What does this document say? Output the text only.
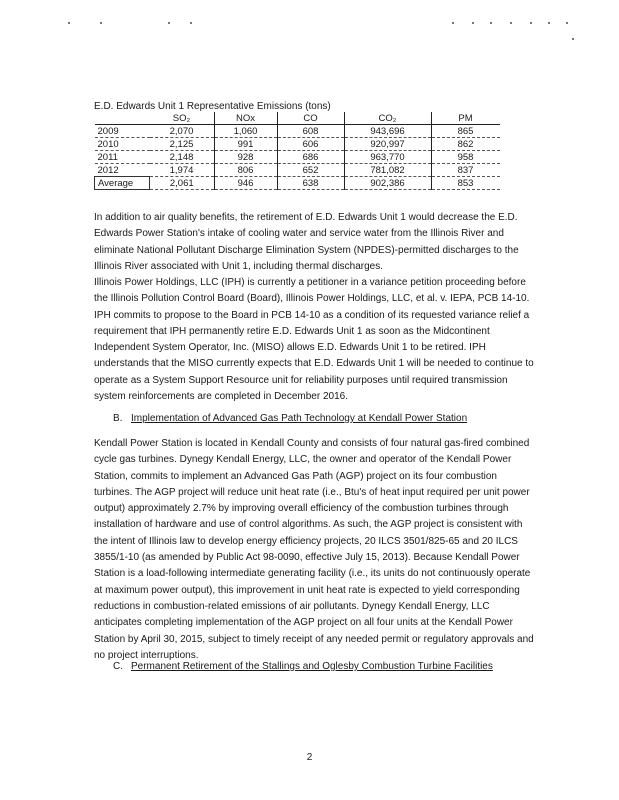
E.D. Edwards Unit 1 Representative Emissions (tons)
	SO₂	NOx	CO	CO₂	PM
2009	2,070	1,060	608	943,696	865
2010	2,125	991	606	920,997	862
2011	2,148	928	686	963,770	958
2012	1,974	806	652	781,082	837
Average	2,061	946	638	902,386	853

In addition to air quality benefits, the retirement of E.D. Edwards Unit 1 would decrease the E.D. Edwards Power Station's intake of cooling water and service water from the Illinois River and eliminate National Pollutant Discharge Elimination System (NPDES)-permitted discharges to the Illinois River associated with Unit 1, including thermal discharges.

Illinois Power Holdings, LLC (IPH) is currently a petitioner in a variance petition proceeding before the Illinois Pollution Control Board (Board), Illinois Power Holdings, LLC, et al. v. IEPA, PCB 14-10. IPH commits to propose to the Board in PCB 14-10 as a condition of its requested variance relief a requirement that IPH permanently retire E.D. Edwards Unit 1 as soon as the Midcontinent Independent System Operator, Inc. (MISO) allows E.D. Edwards Unit 1 to be retired. IPH understands that the MISO currently expects that E.D. Edwards Unit 1 will be needed to continue to operate as a System Support Resource unit for reliability purposes until required transmission system reinforcements are completed in December 2016.

B. Implementation of Advanced Gas Path Technology at Kendall Power Station

Kendall Power Station is located in Kendall County and consists of four natural gas-fired combined cycle gas turbines. Dynegy Kendall Energy, LLC, the owner and operator of the Kendall Power Station, commits to implement an Advanced Gas Path (AGP) project on its four combustion turbines. The AGP project will reduce unit heat rate (i.e., Btu's of heat input required per unit power output) approximately 2.7% by improving overall efficiency of the combustion turbines through installation of hardware and use of control algorithms. As such, the AGP project is consistent with the intent of Illinois law to develop energy efficiency projects, 20 ILCS 3501/825-65 and 20 ILCS 3855/1-10 (as amended by Public Act 98-0090, effective July 15, 2013). Because Kendall Power Station is a load-following intermediate generating facility (i.e., its units do not continuously operate at maximum power output), this improvement in unit heat rate is expected to yield corresponding reductions in combustion-related emissions of air pollutants. Dynegy Kendall Energy, LLC anticipates completing implementation of the AGP project on all four units at the Kendall Power Station by April 30, 2015, subject to timely receipt of any needed permit or regulatory approvals and no project interruptions.

C. Permanent Retirement of the Stallings and Oglesby Combustion Turbine Facilities
2
